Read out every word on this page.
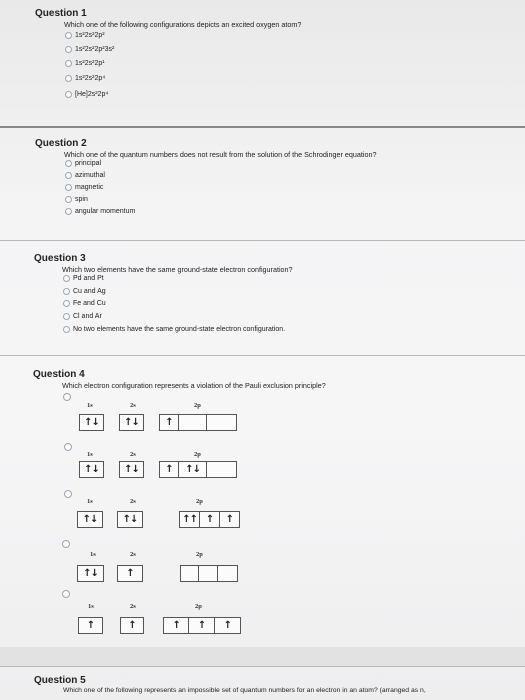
Question 1
Which one of the following configurations depicts an excited oxygen atom?
1s²2s²2p²
1s²2s²2p²3s²
1s²2s²2p¹
1s²2s²2p⁴
[He]2s²2p⁴
Question 2
Which one of the quantum numbers does not result from the solution of the Schrodinger equation?
principal
azimuthal
magnetic
spin
angular momentum
Question 3
Which two elements have the same ground-state electron configuration?
Pd and Pt
Cu and Ag
Fe and Cu
Cl and Ar
No two elements have the same ground-state electron configuration.
Question 4
Which electron configuration represents a violation of the Pauli exclusion principle?
1s	2s	2p
↑↓	↑↓	↑
1s	2s	2p
↑↓	↑↓	↑	↑↓
1s	2s	2p
↑↓	↑↓	↑↑ ↑	↑
1s	2s	2p
↑↓	↑
1s	2s	2p
↑	↑	↑	↑	↑
Question 5
Which one of the following represents an impossible set of quantum numbers for an electron in an atom? (arranged as n,
